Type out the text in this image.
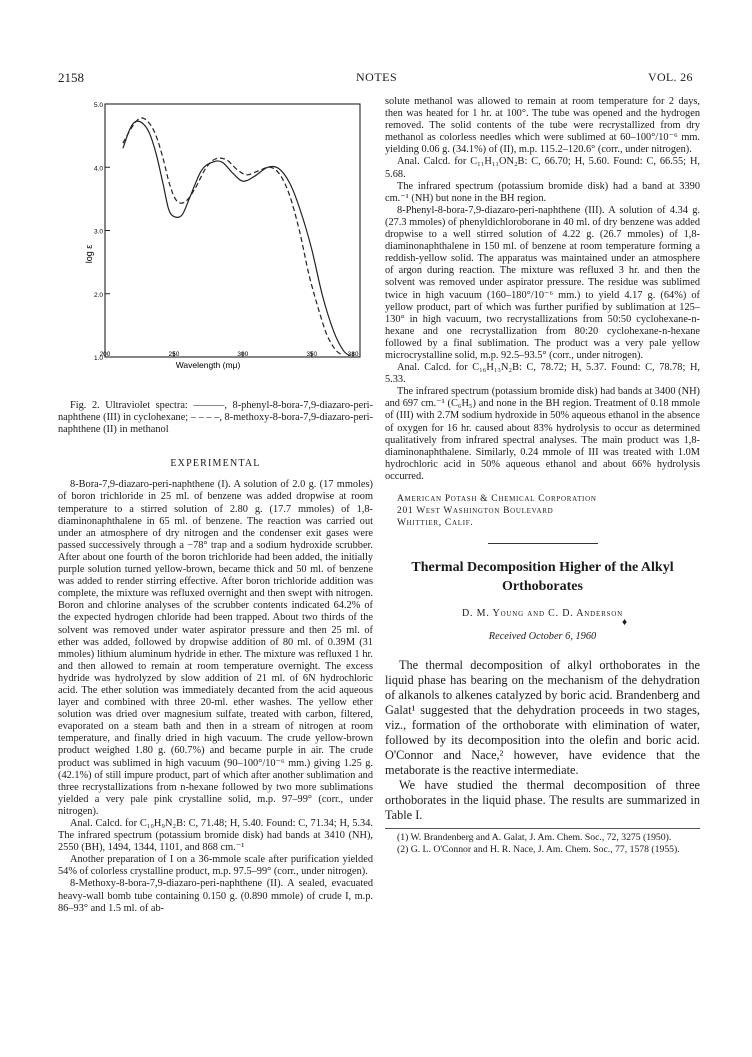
2158	NOTES	VOL. 26
1.0
2.0
3.0
4.0
5.0
200	250	300	350	380
log ε
Wavelength (mμ)

Fig. 2. Ultraviolet spectra: ———, 8-phenyl-8-bora-7,9-diazaro-peri-naphthene (III) in cyclohexane; – – – –, 8-methoxy-8-bora-7,9-diazaro-peri-naphthene (II) in methanol

EXPERIMENTAL

8-Bora-7,9-diazaro-peri-naphthene (I). A solution of 2.0 g. (17 mmoles) of boron trichloride in 25 ml. of benzene was added dropwise at room temperature to a stirred solution of 2.80 g. (17.7 mmoles) of 1,8-diaminonaphthalene in 65 ml. of benzene. The reaction was carried out under an atmosphere of dry nitrogen and the condenser exit gases were passed successively through a −78° trap and a sodium hydroxide scrubber. After about one fourth of the boron trichloride had been added, the initially purple solution turned yellow-brown, became thick and 50 ml. of benzene was added to render stirring effective. After boron trichloride addition was complete, the mixture was refluxed overnight and then swept with nitrogen. Boron and chlorine analyses of the scrubber contents indicated 64.2% of the expected hydrogen chloride had been trapped. About two thirds of the solvent was removed under water aspirator pressure and then 25 ml. of ether was added, followed by dropwise addition of 80 ml. of 0.39M (31 mmoles) lithium aluminum hydride in ether. The mixture was refluxed 1 hr. and then allowed to remain at room temperature overnight. The excess hydride was hydrolyzed by slow addition of 21 ml. of 6N hydrochloric acid. The ether solution was immediately decanted from the acid aqueous layer and combined with three 20-ml. ether washes. The yellow ether solution was dried over magnesium sulfate, treated with carbon, filtered, evaporated on a steam bath and then in a stream of nitrogen at room temperature, and finally dried in high vacuum. The crude yellow-brown product weighed 1.80 g. (60.7%) and became purple in air. The crude product was sublimed in high vacuum (90–100°/10⁻⁶ mm.) giving 1.25 g. (42.1%) of still impure product, part of which after another sublimation and three recrystallizations from n-hexane followed by two more sublimations yielded a very pale pink crystalline solid, m.p. 97–99° (corr., under nitrogen).

Anal. Calcd. for C₁₀H₉N₂B: C, 71.48; H, 5.40. Found: C, 71.34; H, 5.34. The infrared spectrum (potassium bromide disk) had bands at 3410 (NH), 2550 (BH), 1494, 1344, 1101, and 868 cm.⁻¹

Another preparation of I on a 36-mmole scale after purification yielded 54% of colorless crystalline product, m.p. 97.5–99° (corr., under nitrogen).

8-Methoxy-8-bora-7,9-diazaro-peri-naphthene (II). A sealed, evacuated heavy-wall bomb tube containing 0.150 g. (0.890 mmole) of crude I, m.p. 86–93° and 1.5 ml. of ab-

solute methanol was allowed to remain at room temperature for 2 days, then was heated for 1 hr. at 100°. The tube was opened and the hydrogen removed. The solid contents of the tube were recrystallized from dry methanol as colorless needles which were sublimed at 60–100°/10⁻⁶ mm. yielding 0.06 g. (34.1%) of (II), m.p. 115.2–120.6° (corr., under nitrogen).

Anal. Calcd. for C₁₁H₁₁ON₂B: C, 66.70; H, 5.60. Found: C, 66.55; H, 5.68.

The infrared spectrum (potassium bromide disk) had a band at 3390 cm.⁻¹ (NH) but none in the BH region.

8-Phenyl-8-bora-7,9-diazaro-peri-naphthene (III). A solution of 4.34 g. (27.3 mmoles) of phenyldichloroborane in 40 ml. of dry benzene was added dropwise to a well stirred solution of 4.22 g. (26.7 mmoles) of 1,8-diaminonaphthalene in 150 ml. of benzene at room temperature forming a reddish-yellow solid. The apparatus was maintained under an atmosphere of argon during reaction. The mixture was refluxed 3 hr. and then the solvent was removed under aspirator pressure. The residue was sublimed twice in high vacuum (160–180°/10⁻⁶ mm.) to yield 4.17 g. (64%) of yellow product, part of which was further purified by sublimation at 125–130° in high vacuum, two recrystallizations from 50:50 cyclohexane-n-hexane and one recrystallization from 80:20 cyclohexane-n-hexane followed by a final sublimation. The product was a very pale yellow microcrystalline solid, m.p. 92.5–93.5° (corr., under nitrogen).

Anal. Calcd. for C₁₆H₁₃N₂B: C, 78.72; H, 5.37. Found: C, 78.78; H, 5.33.

The infrared spectrum (potassium bromide disk) had bands at 3400 (NH) and 697 cm.⁻¹ (C₆H₅) and none in the BH region. Treatment of 0.18 mmole of (III) with 2.7M sodium hydroxide in 50% aqueous ethanol in the absence of oxygen for 16 hr. caused about 83% hydrolysis to occur as determined qualitatively from infrared spectral analyses. The main product was 1,8-diaminonaphthalene. Similarly, 0.24 mmole of III was treated with 1.0M hydrochloric acid in 50% aqueous ethanol and about 66% hydrolysis occurred.

American Potash & Chemical Corporation
201 West Washington Boulevard
Whittier, Calif.
Thermal Decomposition Higher of the Alkyl Orthoborates
D. M. Young and C. D. Anderson
Received October 6, 1960

The thermal decomposition of alkyl orthoborates in the liquid phase has bearing on the mechanism of the dehydration of alkanols to alkenes catalyzed by boric acid. Brandenberg and Galat¹ suggested that the dehydration proceeds in two stages, viz., formation of the orthoborate with elimination of water, followed by its decomposition into the olefin and boric acid. O'Connor and Nace,² however, have evidence that the metaborate is the reactive intermediate.

We have studied the thermal decomposition of three orthoborates in the liquid phase. The results are summarized in Table I.

(1) W. Brandenberg and A. Galat, J. Am. Chem. Soc., 72, 3275 (1950).

(2) G. L. O'Connor and H. R. Nace, J. Am. Chem. Soc., 77, 1578 (1955).

♦
